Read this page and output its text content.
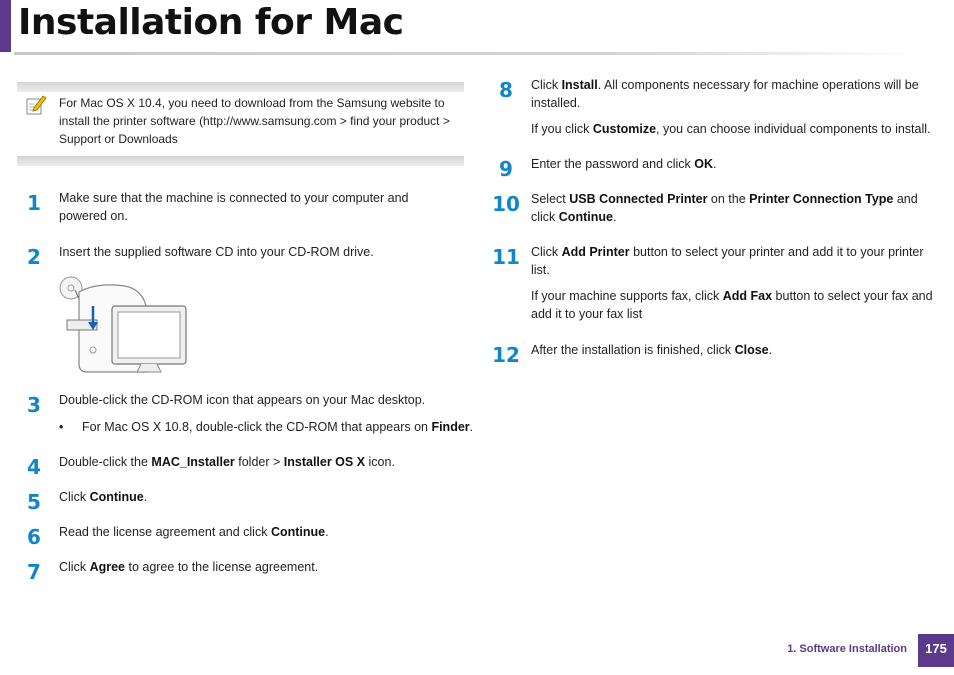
Installation for Mac
For Mac OS X 10.4, you need to download from the Samsung website to install the printer software (http://www.samsung.com > find your product > Support or Downloads
1	Make sure that the machine is connected to your computer and powered on.
2	Insert the supplied software CD into your CD-ROM drive.
3	Double-click the CD-ROM icon that appears on your Mac desktop.
• For Mac OS X 10.8, double-click the CD-ROM that appears on Finder.
4	Double-click the MAC_Installer folder > Installer OS X icon.
5	Click Continue.
6	Read the license agreement and click Continue.
7	Click Agree to agree to the license agreement.
8	Click Install. All components necessary for machine operations will be installed.
If you click Customize, you can choose individual components to install.
9	Enter the password and click OK.
10 Select USB Connected Printer on the Printer Connection Type and click Continue.
11 Click Add Printer button to select your printer and add it to your printer list.
If your machine supports fax, click Add Fax button to select your fax and add it to your fax list
12 After the installation is finished, click Close.
1. Software Installation	175
